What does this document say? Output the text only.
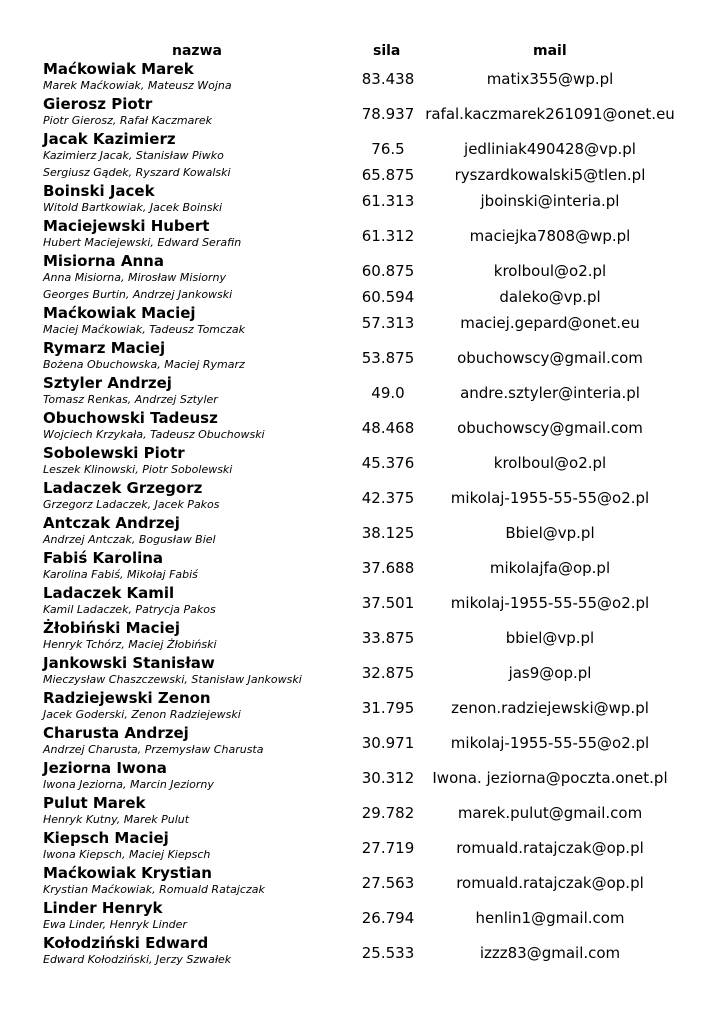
nazwa	sila	mail
Maćkowiak Marek
Marek Maćkowiak, Mateusz Wojna	83.438	matix355@wp.pl
Gierosz Piotr
Piotr Gierosz, Rafał Kaczmarek	78.937 rafal.kaczmarek261091@onet.eu
Jacak Kazimierz
Kazimierz Jacak, Stanisław Piwko	76.5	jedliniak490428@vp.pl
Sergiusz Gądek, Ryszard Kowalski	65.875	ryszardkowalski5@tlen.pl
Boinski Jacek
Witold Bartkowiak, Jacek Boinski	61.313	jboinski@interia.pl
Maciejewski Hubert
Hubert Maciejewski, Edward Serafin	61.312	maciejka7808@wp.pl
Misiorna Anna
Anna Misiorna, Mirosław Misiorny	60.875	krolboul@o2.pl
Georges Burtin, Andrzej Jankowski	60.594	daleko@vp.pl
Maćkowiak Maciej
Maciej Maćkowiak, Tadeusz Tomczak	57.313	maciej.gepard@onet.eu
Rymarz Maciej
Bożena Obuchowska, Maciej Rymarz	53.875	obuchowscy@gmail.com
Sztyler Andrzej
Tomasz Renkas, Andrzej Sztyler	49.0	andre.sztyler@interia.pl
Obuchowski Tadeusz
Wojciech Krzykała, Tadeusz Obuchowski	48.468	obuchowscy@gmail.com
Sobolewski Piotr
Leszek Klinowski, Piotr Sobolewski	45.376	krolboul@o2.pl
Ladaczek Grzegorz
Grzegorz Ladaczek, Jacek Pakos	42.375	mikolaj-1955-55-55@o2.pl
Antczak Andrzej
Andrzej Antczak, Bogusław Biel	38.125	Bbiel@vp.pl
Fabiś Karolina
Karolina Fabiś, Mikołaj Fabiś	37.688	mikolajfa@op.pl
Ladaczek Kamil
Kamil Ladaczek, Patrycja Pakos	37.501	mikolaj-1955-55-55@o2.pl
Żłobiński Maciej
Henryk Tchórz, Maciej Żłobiński	33.875	bbiel@vp.pl
Jankowski Stanisław
Mieczysław Chaszczewski, Stanisław Jankowski	32.875	jas9@op.pl
Radziejewski Zenon
Jacek Goderski, Zenon Radziejewski	31.795	zenon.radziejewski@wp.pl
Charusta Andrzej
Andrzej Charusta, Przemysław Charusta	30.971	mikolaj-1955-55-55@o2.pl
Jeziorna Iwona
Iwona Jeziorna, Marcin Jeziorny	30.312	Iwona. jeziorna@poczta.onet.pl
Pulut Marek
Henryk Kutny, Marek Pulut	29.782	marek.pulut@gmail.com
Kiepsch Maciej
Iwona Kiepsch, Maciej Kiepsch	27.719	romuald.ratajczak@op.pl
Maćkowiak Krystian
Krystian Maćkowiak, Romuald Ratajczak	27.563	romuald.ratajczak@op.pl
Linder Henryk
Ewa Linder, Henryk Linder	26.794	henlin1@gmail.com
Kołodziński Edward
Edward Kołodziński, Jerzy Szwałek	25.533	izzz83@gmail.com
